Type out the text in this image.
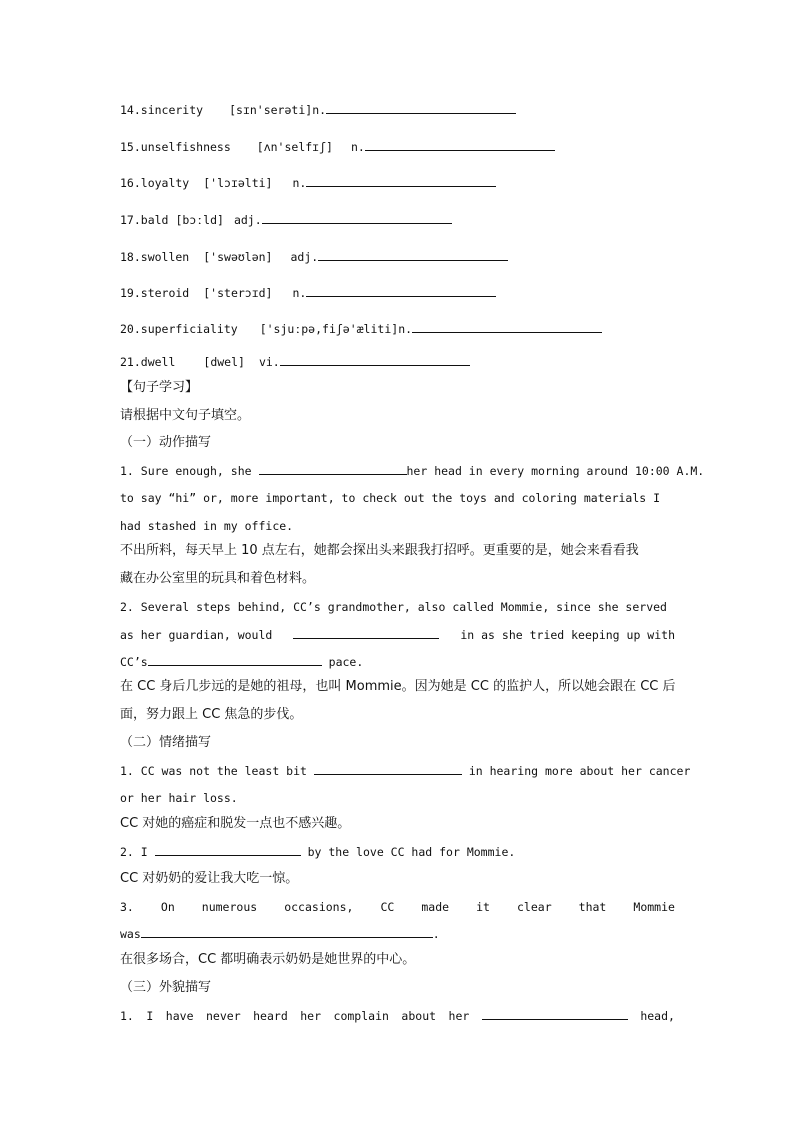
14.sincerity [sɪn'serəti]n.
15.unselfishness [ʌn'selfɪʃ] n.
16.loyalty ['lɔɪəlti] n.
17.bald [bɔːld] adj.
18.swollen ['swəʊlən] adj.
19.steroid ['sterɔɪd] n.
20.superficiality ['sjuːpə,fiʃə'æliti]n.
21.dwell [dwel] vi.
【句子学习】
请根据中文句子填空。
（一）动作描写
1. Sure enough, she	her head in every morning around 10:00 A.M.
to say “hi” or, more important, to check out the toys and coloring materials I
had stashed in my office.
不出所料，每天早上 10 点左右，她都会探出头来跟我打招呼。更重要的是，她会来看看我
藏在办公室里的玩具和着色材料。
2. Several steps behind, CC’s grandmother, also called Mommie, since she served
as her guardian, would	in as she tried keeping up with
CC’s	pace.
在 CC 身后几步远的是她的祖母，也叫 Mommie。因为她是 CC 的监护人，所以她会跟在 CC 后
面，努力跟上 CC 焦急的步伐。
（二）情绪描写
1. CC was not the least bit	in hearing more about her cancer
or her hair loss.
CC 对她的癌症和脱发一点也不感兴趣。
2. I	by the love CC had for Mommie.
CC 对奶奶的爱让我大吃一惊。
3. On numerous occasions, CC made it clear that Mommie
was	.
在很多场合，CC 都明确表示奶奶是她世界的中心。
（三）外貌描写
1. I have never heard her complain about her	head,
